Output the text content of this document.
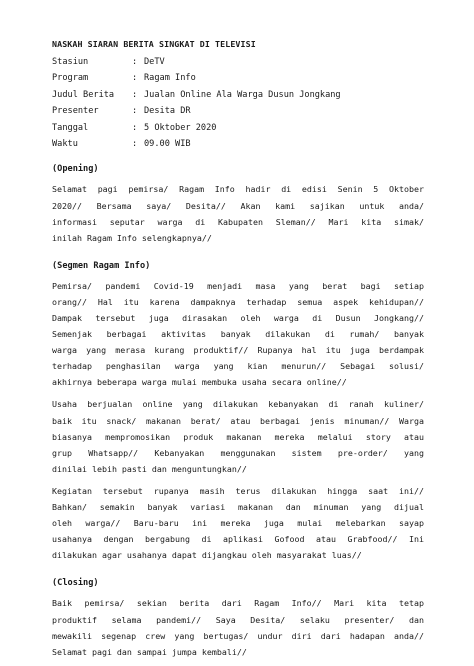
NASKAH SIARAN BERITA SINGKAT DI TELEVISI
Stasiun	: DeTV
Program	: Ragam Info
Judul Berita	: Jualan Online Ala Warga Dusun Jongkang
Presenter	: Desita DR
Tanggal	: 5 Oktober 2020
Waktu	: 09.00 WIB
(Opening)
Selamat pagi pemirsa/ Ragam Info hadir di edisi Senin 5 Oktober
2020// Bersama saya/ Desita// Akan kami sajikan untuk anda/
informasi seputar warga di Kabupaten Sleman// Mari kita simak/
inilah Ragam Info selengkapnya//
(Segmen Ragam Info)
Pemirsa/ pandemi Covid-19 menjadi masa yang berat bagi setiap
orang// Hal itu karena dampaknya terhadap semua aspek kehidupan//
Dampak tersebut juga dirasakan oleh warga di Dusun Jongkang//
Semenjak berbagai aktivitas banyak dilakukan di rumah/ banyak
warga yang merasa kurang produktif// Rupanya hal itu juga berdampak
terhadap penghasilan warga yang kian menurun// Sebagai solusi/
akhirnya beberapa warga mulai membuka usaha secara online//
Usaha berjualan online yang dilakukan kebanyakan di ranah kuliner/
baik itu snack/ makanan berat/ atau berbagai jenis minuman// Warga
biasanya mempromosikan produk makanan mereka melalui story atau
grup Whatsapp// Kebanyakan menggunakan sistem pre-order/ yang
dinilai lebih pasti dan menguntungkan//
Kegiatan tersebut rupanya masih terus dilakukan hingga saat ini//
Bahkan/ semakin banyak variasi makanan dan minuman yang dijual
oleh warga// Baru-baru ini mereka juga mulai melebarkan sayap
usahanya dengan bergabung di aplikasi Gofood atau Grabfood// Ini
dilakukan agar usahanya dapat dijangkau oleh masyarakat luas//
(Closing)
Baik pemirsa/ sekian berita dari Ragam Info// Mari kita tetap
produktif selama pandemi// Saya Desita/ selaku presenter/ dan
mewakili segenap crew yang bertugas/ undur diri dari hadapan anda//
Selamat pagi dan sampai jumpa kembali//
